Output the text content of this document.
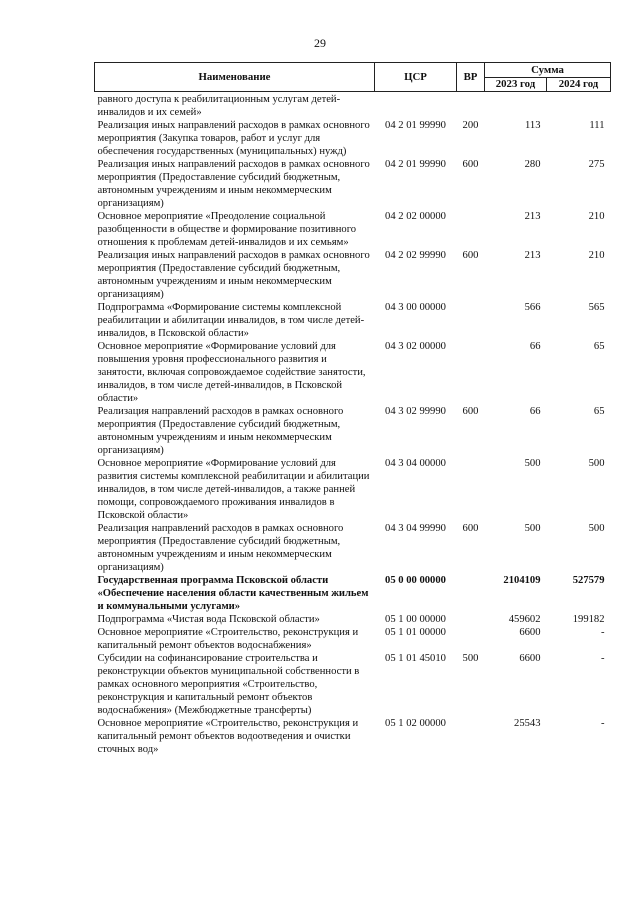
29
Наименование	ЦСР	ВР	Сумма	
			2023 год	2024 год
равного доступа к реабилитационным услугам детей-инвалидов и их семей»				
Реализация иных направлений расходов в рамках основного мероприятия (Закупка товаров, работ и услуг для обеспечения государственных (муниципальных) нужд)	04 2 01 99990	200	113	111
Реализация иных направлений расходов в рамках основного мероприятия (Предоставление субсидий бюджетным, автономным учреждениям и иным некоммерческим организациям)	04 2 01 99990	600	280	275
Основное мероприятие «Преодоление социальной разобщенности в обществе и формирование позитивного отношения к проблемам детей-инвалидов и их семьям»	04 2 02 00000		213	210
Реализация иных направлений расходов в рамках основного мероприятия (Предоставление субсидий бюджетным, автономным учреждениям и иным некоммерческим организациям)	04 2 02 99990	600	213	210
Подпрограмма «Формирование системы комплексной реабилитации и абилитации инвалидов, в том числе детей-инвалидов, в Псковской области»	04 3 00 00000		566	565
Основное мероприятие «Формирование условий для повышения уровня профессионального развития и занятости, включая сопровождаемое содействие занятости, инвалидов, в том числе детей-инвалидов, в Псковской области»	04 3 02 00000		66	65
Реализация направлений расходов в рамках основного мероприятия (Предоставление субсидий бюджетным, автономным учреждениям и иным некоммерческим организациям)	04 3 02 99990	600	66	65
Основное мероприятие «Формирование условий для развития системы комплексной реабилитации и абилитации инвалидов, в том числе детей-инвалидов, а также ранней помощи, сопровождаемого проживания инвалидов в Псковской области»	04 3 04 00000		500	500
Реализация направлений расходов в рамках основного мероприятия (Предоставление субсидий бюджетным, автономным учреждениям и иным некоммерческим организациям)	04 3 04 99990	600	500	500
Государственная программа Псковской области «Обеспечение населения области качественным жильем и коммунальными услугами»	05 0 00 00000		2104109	527579
Подпрограмма «Чистая вода Псковской области»	05 1 00 00000		459602	199182
Основное мероприятие «Строительство, реконструкция и капитальный ремонт объектов водоснабжения»	05 1 01 00000		6600	-
Субсидии на софинансирование строительства и реконструкции объектов муниципальной собственности в рамках основного мероприятия «Строительство, реконструкция и капитальный ремонт объектов водоснабжения» (Межбюджетные трансферты)	05 1 01 45010	500	6600	-
Основное мероприятие «Строительство, реконструкция и капитальный ремонт объектов водоотведения и очистки сточных вод»	05 1 02 00000		25543	-
